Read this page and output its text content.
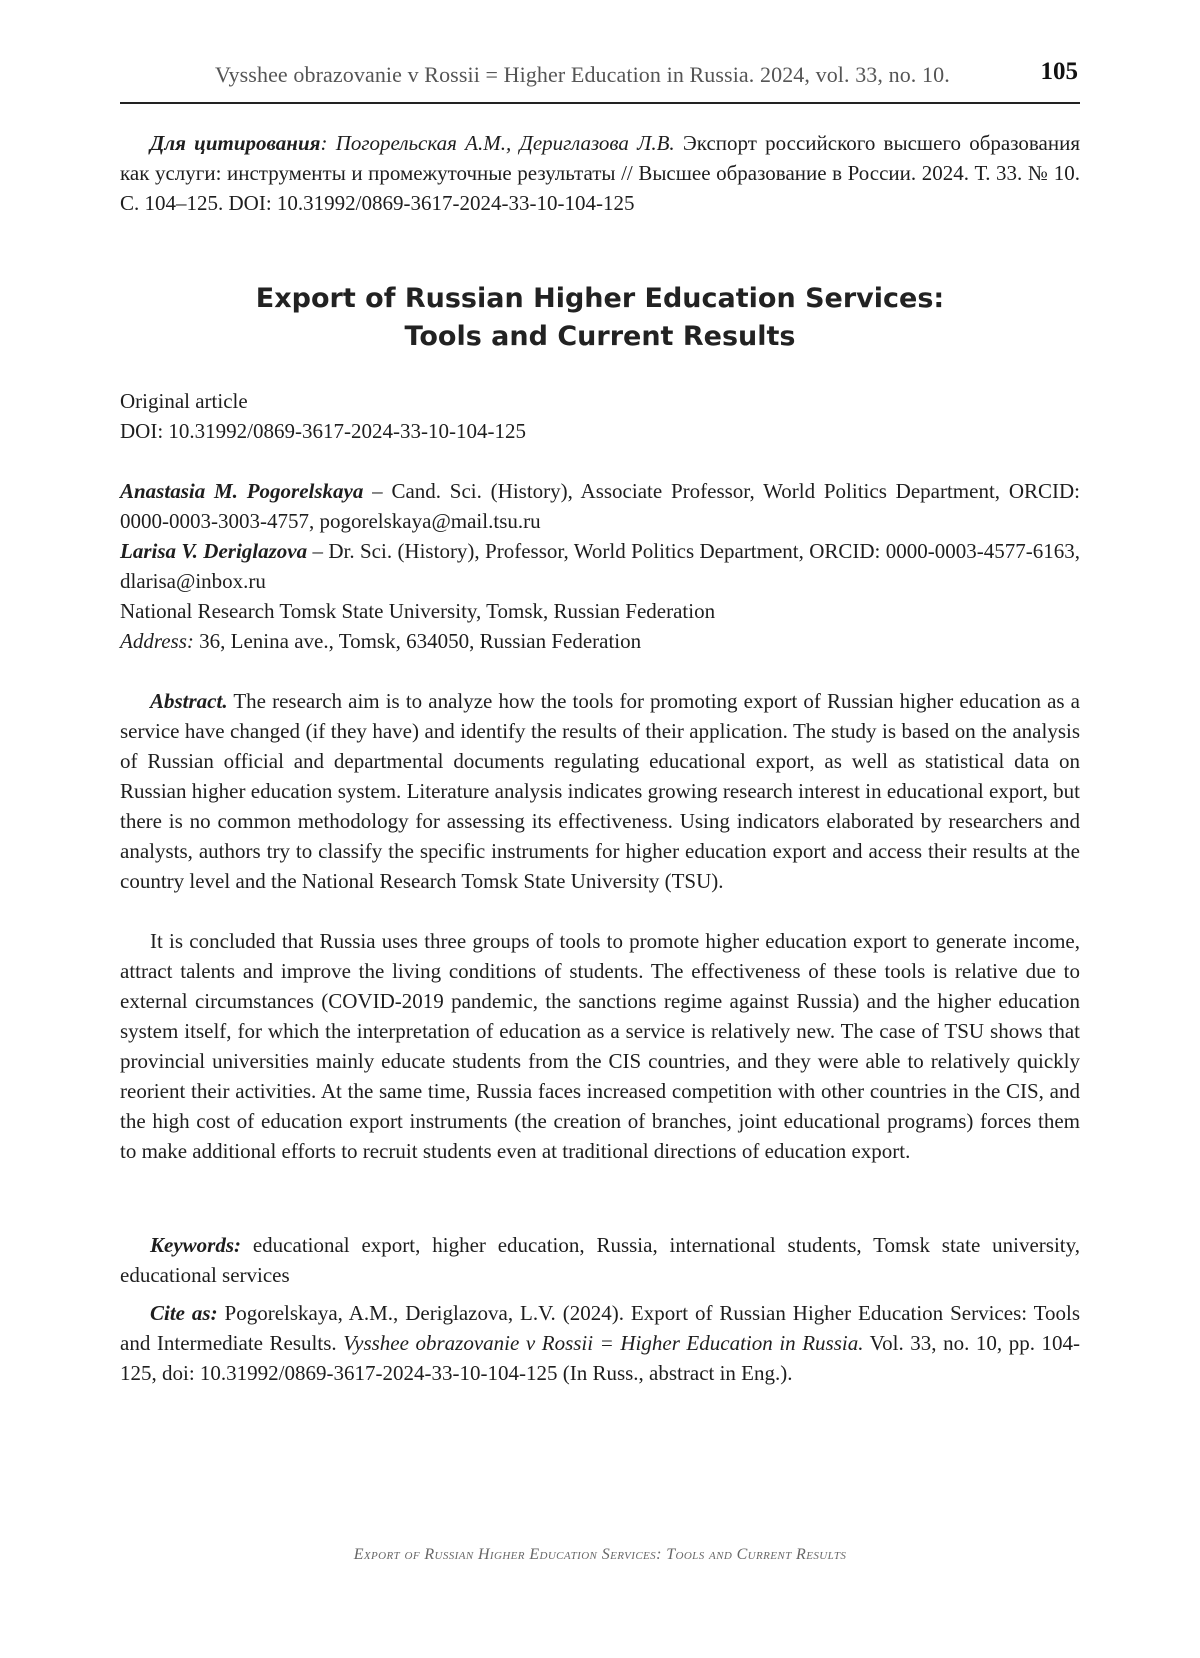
Vysshee obrazovanie v Rossii = Higher Education in Russia. 2024, vol. 33, no. 10.	105

Для цитирования: Погорельская А.М., Дериглазова Л.В. Экспорт российского высшего образования как услуги: инструменты и промежуточные результаты // Высшее образование в России. 2024. Т. 33. № 10. С. 104–125. DOI: 10.31992/0869-3617-2024-33-10-104-125

Export of Russian Higher Education Services:
Tools and Current Results
Original article
DOI: 10.31992/0869-3617-2024-33-10-104-125

Anastasia M. Pogorelskaya – Cand. Sci. (History), Associate Professor, World Politics Department, ORCID: 0000-0003-3003-4757, pogorelskaya@mail.tsu.ru

Larisa V. Deriglazova – Dr. Sci. (History), Professor, World Politics Department, ORCID: 0000-0003-4577-6163, dlarisa@inbox.ru

National Research Tomsk State University, Tomsk, Russian Federation

Address: 36, Lenina ave., Tomsk, 634050, Russian Federation

Abstract. The research aim is to analyze how the tools for promoting export of Russian higher education as a service have changed (if they have) and identify the results of their application. The study is based on the analysis of Russian official and departmental documents regulating educational export, as well as statistical data on Russian higher education system. Literature analysis indicates growing research interest in educational export, but there is no common methodology for assessing its effectiveness. Using indicators elaborated by researchers and analysts, authors try to classify the specific instruments for higher education export and access their results at the country level and the National Research Tomsk State University (TSU).

It is concluded that Russia uses three groups of tools to promote higher education export to generate income, attract talents and improve the living conditions of students. The effectiveness of these tools is relative due to external circumstances (COVID-2019 pandemic, the sanctions regime against Russia) and the higher education system itself, for which the interpretation of education as a service is relatively new. The case of TSU shows that provincial universities mainly educate students from the CIS countries, and they were able to relatively quickly reorient their activities. At the same time, Russia faces increased competition with other countries in the CIS, and the high cost of education export instruments (the creation of branches, joint educational programs) forces them to make additional efforts to recruit students even at traditional directions of education export.

Keywords: educational export, higher education, Russia, international students, Tomsk state university, educational services

Cite as: Pogorelskaya, A.M., Deriglazova, L.V. (2024). Export of Russian Higher Education Services: Tools and Intermediate Results. Vysshee obrazovanie v Rossii = Higher Education in Russia. Vol. 33, no. 10, pp. 104-125, doi: 10.31992/0869-3617-2024-33-10-104-125 (In Russ., abstract in Eng.).

Export of Russian Higher Education Services: Tools and Current Results
